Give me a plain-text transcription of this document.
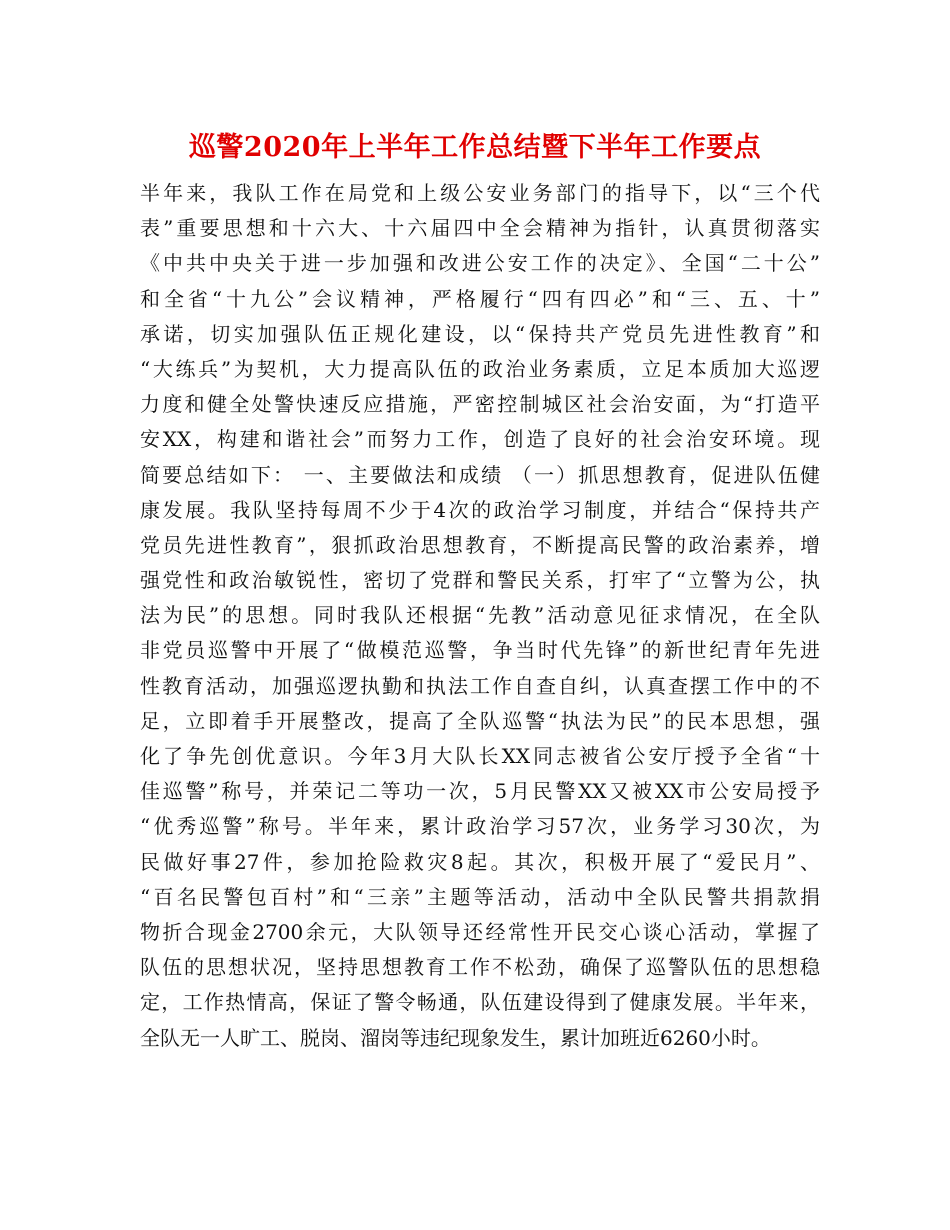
巡警2020年上半年工作总结暨下半年工作要点
半年来，我队工作在局党和上级公安业务部门的指导下，以“三个代
表”重要思想和十六大、十六届四中全会精神为指针，认真贯彻落实
《中共中央关于进一步加强和改进公安工作的决定》、全国“二十公”
和全省“十九公”会议精神，严格履行“四有四必”和“三、五、十”
承诺，切实加强队伍正规化建设，以“保持共产党员先进性教育”和
“大练兵”为契机，大力提高队伍的政治业务素质，立足本质加大巡逻
力度和健全处警快速反应措施，严密控制城区社会治安面，为“打造平
安XX，构建和谐社会”而努力工作，创造了良好的社会治安环境。现
简要总结如下： 一、主要做法和成绩 （一）抓思想教育，促进队伍健
康发展。我队坚持每周不少于4次的政治学习制度，并结合“保持共产
党员先进性教育”，狠抓政治思想教育，不断提高民警的政治素养，增
强党性和政治敏锐性，密切了党群和警民关系，打牢了“立警为公，执
法为民”的思想。同时我队还根据“先教”活动意见征求情况，在全队
非党员巡警中开展了“做模范巡警，争当时代先锋”的新世纪青年先进
性教育活动，加强巡逻执勤和执法工作自查自纠，认真查摆工作中的不
足，立即着手开展整改，提高了全队巡警“执法为民”的民本思想，强
化了争先创优意识。今年3月大队长XX同志被省公安厅授予全省“十
佳巡警”称号，并荣记二等功一次，5月民警XX又被XX市公安局授予
“优秀巡警”称号。半年来，累计政治学习57次，业务学习30次，为
民做好事27件，参加抢险救灾8起。其次，积极开展了“爱民月”、
“百名民警包百村”和“三亲”主题等活动，活动中全队民警共捐款捐
物折合现金2700余元，大队领导还经常性开民交心谈心活动，掌握了
队伍的思想状况，坚持思想教育工作不松劲，确保了巡警队伍的思想稳
定，工作热情高，保证了警令畅通，队伍建设得到了健康发展。半年来，
全队无一人旷工、脱岗、溜岗等违纪现象发生，累计加班近6260小时。
